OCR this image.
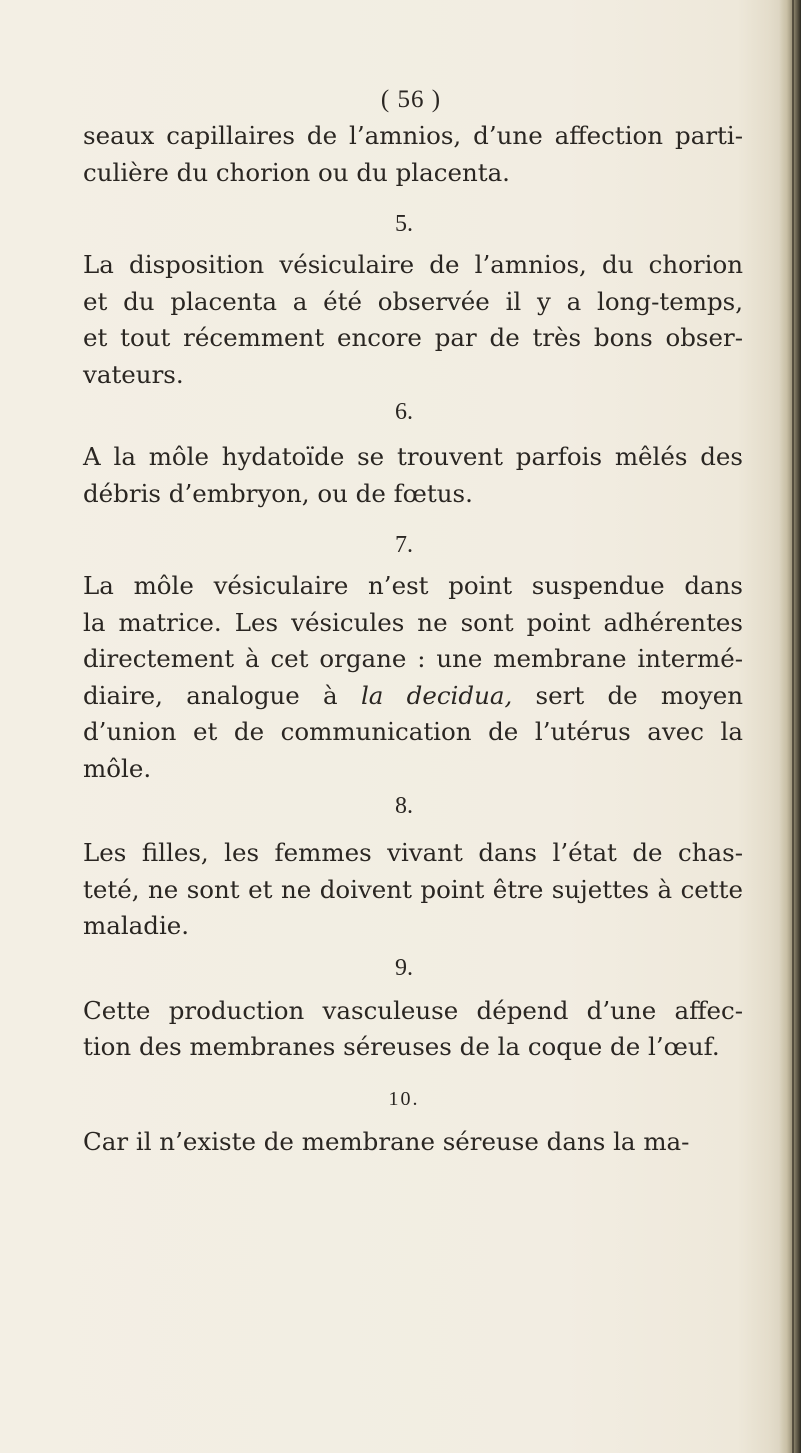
( 56 )

seaux capillaires de l’amnios, d’une affection parti-
culière du chorion ou du placenta.

5.

La disposition vésiculaire de l’amnios, du chorion
et du placenta a été observée il y a long-temps,
et tout récemment encore par de très bons obser-
vateurs.

6.

A la môle hydatoïde se trouvent parfois mêlés des
débris d’embryon, ou de fœtus.

7.

La môle vésiculaire n’est point suspendue dans
la matrice. Les vésicules ne sont point adhérentes
directement à cet organe : une membrane intermé-
diaire, analogue à la decidua, sert de moyen
d’union et de communication de l’utérus avec la
môle.

8.

Les filles, les femmes vivant dans l’état de chas-
teté, ne sont et ne doivent point être sujettes à cette
maladie.

9.

Cette production vasculeuse dépend d’une affec-
tion des membranes séreuses de la coque de l’œuf.

10.

Car il n’existe de membrane séreuse dans la ma-
